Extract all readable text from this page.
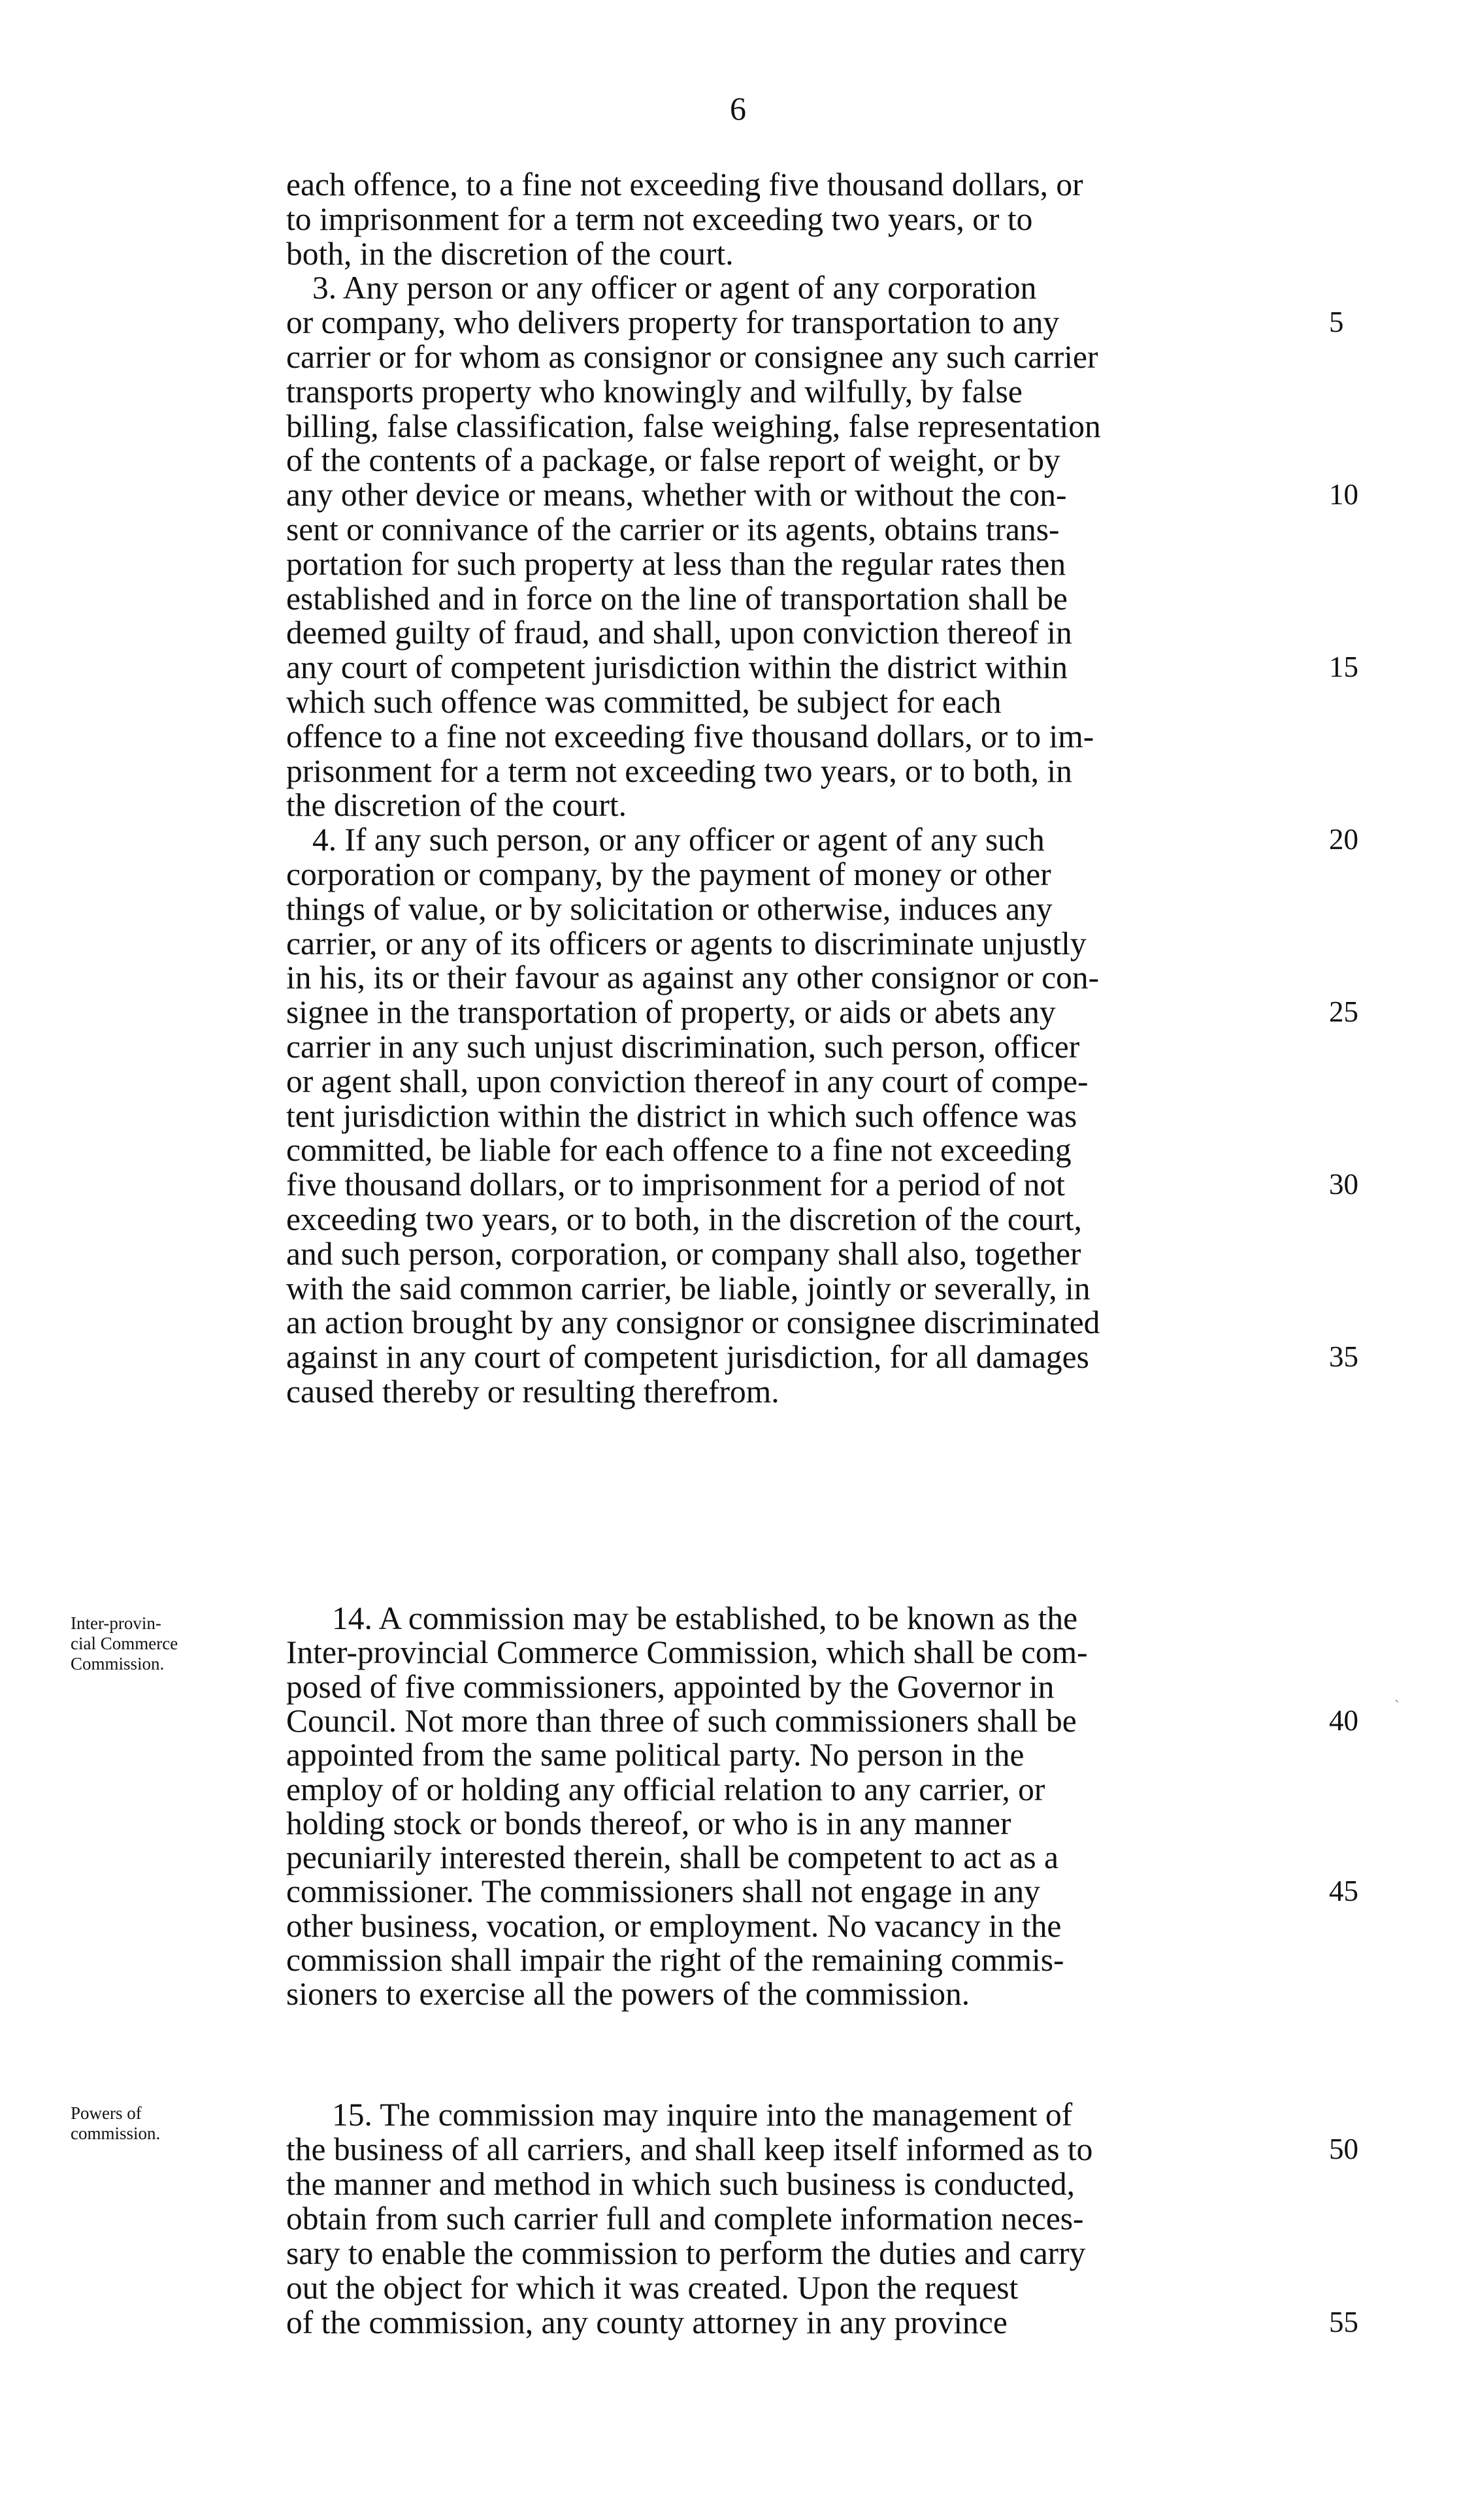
6
each offence, to a fine not exceeding five thousand dollars, or
to imprisonment for a term not exceeding two years, or to
both, in the discretion of the court.
3. Any person or any officer or agent of any corporation
or company, who delivers property for transportation to any
carrier or for whom as consignor or consignee any such carrier
transports property who knowingly and wilfully, by false
billing, false classification, false weighing, false representation
of the contents of a package, or false report of weight, or by
any other device or means, whether with or without the con-
sent or connivance of the carrier or its agents, obtains trans-
portation for such property at less than the regular rates then
established and in force on the line of transportation shall be
deemed guilty of fraud, and shall, upon conviction thereof in
any court of competent jurisdiction within the district within
which such offence was committed, be subject for each
offence to a fine not exceeding five thousand dollars, or to im-
prisonment for a term not exceeding two years, or to both, in
the discretion of the court.
4. If any such person, or any officer or agent of any such
corporation or company, by the payment of money or other
things of value, or by solicitation or otherwise, induces any
carrier, or any of its officers or agents to discriminate unjustly
in his, its or their favour as against any other consignor or con-
signee in the transportation of property, or aids or abets any
carrier in any such unjust discrimination, such person, officer
or agent shall, upon conviction thereof in any court of compe-
tent jurisdiction within the district in which such offence was
committed, be liable for each offence to a fine not exceeding
five thousand dollars, or to imprisonment for a period of not
exceeding two years, or to both, in the discretion of the court,
and such person, corporation, or company shall also, together
with the said common carrier, be liable, jointly or severally, in
an action brought by any consignor or consignee discriminated
against in any court of competent jurisdiction, for all damages
caused thereby or resulting therefrom.
14. A commission may be established, to be known as the
Inter-provincial Commerce Commission, which shall be com-
posed of five commissioners, appointed by the Governor in
Council. Not more than three of such commissioners shall be
appointed from the same political party. No person in the
employ of or holding any official relation to any carrier, or
holding stock or bonds thereof, or who is in any manner
pecuniarily interested therein, shall be competent to act as a
commissioner. The commissioners shall not engage in any
other business, vocation, or employment. No vacancy in the
commission shall impair the right of the remaining commis-
sioners to exercise all the powers of the commission.
15. The commission may inquire into the management of
the business of all carriers, and shall keep itself informed as to
the manner and method in which such business is conducted,
obtain from such carrier full and complete information neces-
sary to enable the commission to perform the duties and carry
out the object for which it was created. Upon the request
of the commission, any county attorney in any province
5
10
15
20
25
30
35
40
45
50
55
Inter-provin-
cial Commerce
Commission.
Powers of
commission.
`
